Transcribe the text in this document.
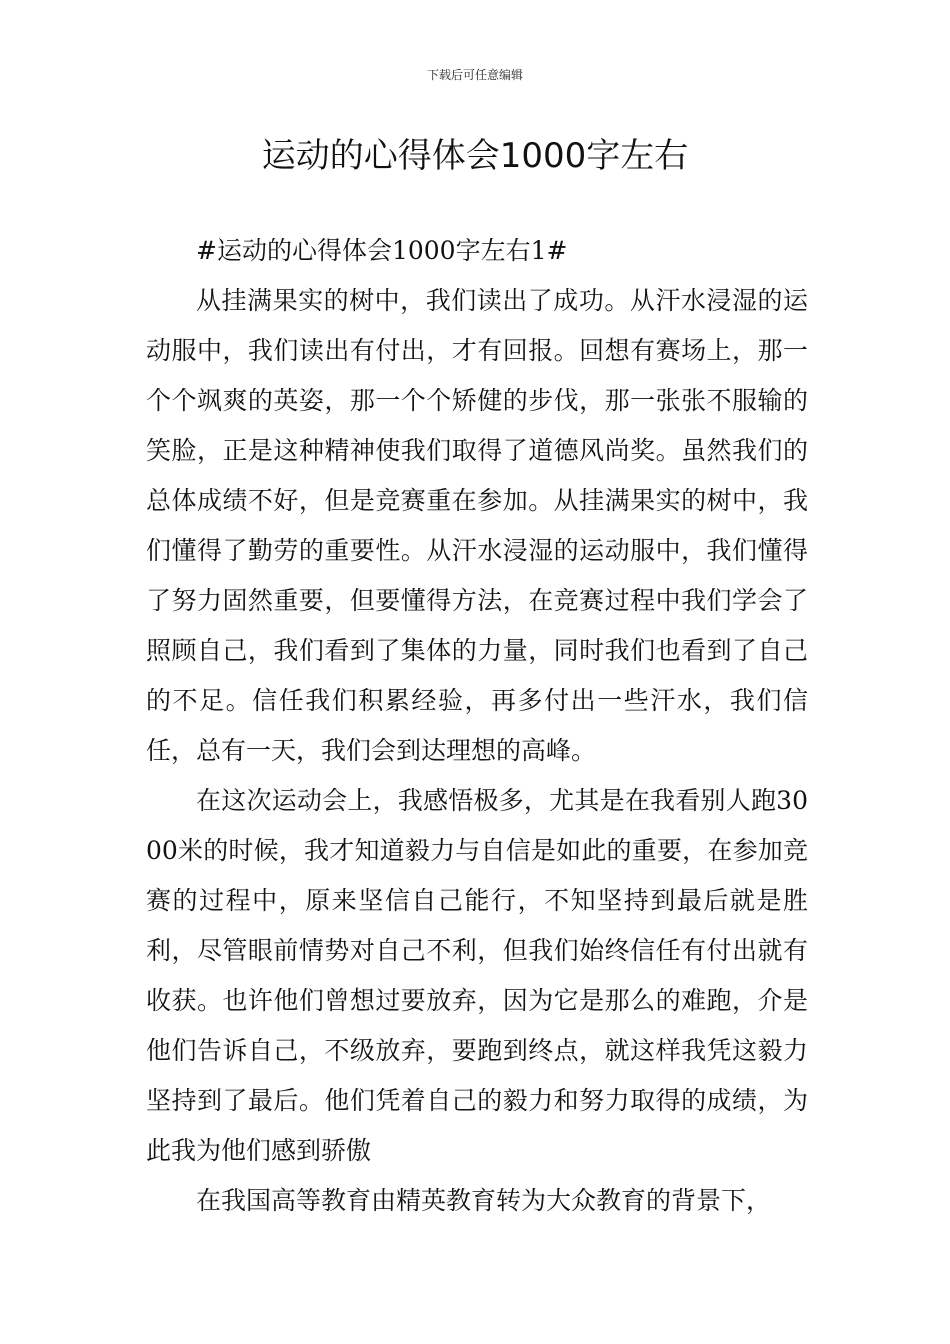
下载后可任意编辑
运动的心得体会1000字左右

#运动的心得体会1000字左右1#

从挂满果实的树中，我们读出了成功。从汗水浸湿的运动服中，我们读出有付出，才有回报。回想有赛场上，那一个个飒爽的英姿，那一个个矫健的步伐，那一张张不服输的笑脸，正是这种精神使我们取得了道德风尚奖。虽然我们的总体成绩不好，但是竞赛重在参加。从挂满果实的树中，我们懂得了勤劳的重要性。从汗水浸湿的运动服中，我们懂得了努力固然重要，但要懂得方法，在竞赛过程中我们学会了照顾自己，我们看到了集体的力量，同时我们也看到了自己的不足。信任我们积累经验，再多付出一些汗水，我们信任，总有一天，我们会到达理想的高峰。

在这次运动会上，我感悟极多，尤其是在我看别人跑3000米的时候，我才知道毅力与自信是如此的重要，在参加竞赛的过程中，原来坚信自己能行，不知坚持到最后就是胜利，尽管眼前情势对自己不利，但我们始终信任有付出就有收获。也许他们曾想过要放弃，因为它是那么的难跑，介是他们告诉自己，不级放弃，要跑到终点，就这样我凭这毅力坚持到了最后。他们凭着自己的毅力和努力取得的成绩，为此我为他们感到骄傲

在我国高等教育由精英教育转为大众教育的背景下，
